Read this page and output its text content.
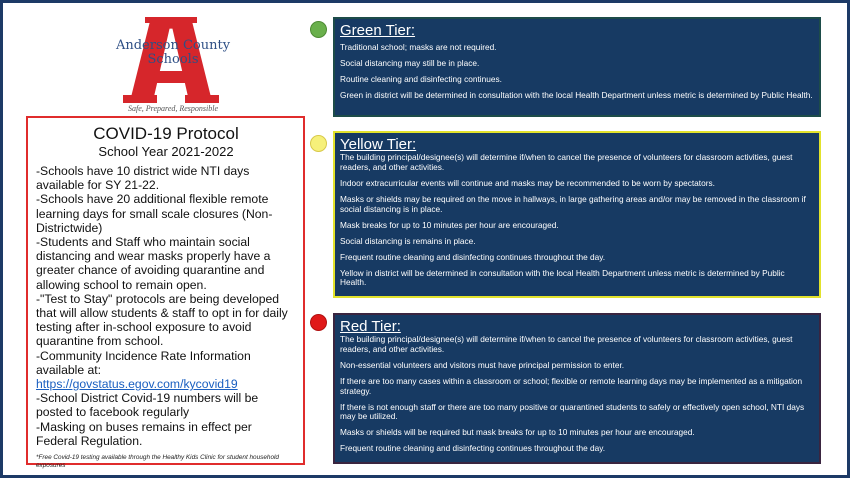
Anderson County
Schools
Safe, Prepared, Responsible
COVID-19 Protocol
School Year 2021-2022
-Schools have 10 district wide NTI days available for SY 21-22.
-Schools have 20 additional flexible remote learning days for small scale closures (Non-Districtwide)
-Students and Staff who maintain social distancing and wear masks properly have a greater chance of avoiding quarantine and allowing school to remain open.
-"Test to Stay" protocols are being developed that will allow students & staff to opt in for daily testing after in-school exposure to avoid quarantine from school.
-Community Incidence Rate Information available at: https://govstatus.egov.com/kycovid19
-School District Covid-19 numbers will be posted to facebook regularly
-Masking on buses remains in effect per Federal Regulation.
*Free Covid-19 testing available through the Healthy Kids Clinic for student household exposures
Green Tier:
Traditional school; masks are not required.
Social distancing may still be in place.
Routine cleaning and disinfecting continues.
Green in district will be determined in consultation with the local Health Department unless metric is determined by Public Health.
Yellow Tier:
The building principal/designee(s) will determine if/when to cancel the presence of volunteers for classroom activities, guest readers, and other activities.
Indoor extracurricular events will continue and masks may be recommended to be worn by spectators.
Masks or shields may be required on the move in hallways, in large gathering areas and/or may be removed in the classroom if social distancing is in place.
Mask breaks for up to 10 minutes per hour are encouraged.
Social distancing is remains in place.
Frequent routine cleaning and disinfecting continues throughout the day.
Yellow in district will be determined in consultation with the local Health Department unless metric is determined by Public Health.
Red Tier:
The building principal/designee(s) will determine if/when to cancel the presence of volunteers for classroom activities, guest readers, and other activities.
Non-essential volunteers and visitors must have principal permission to enter.
If there are too many cases within a classroom or school; flexible or remote learning days may be implemented as a mitigation strategy.
If there is not enough staff or there are too many positive or quarantined students to safely or effectively open school, NTI days may be utilized.
Masks or shields will be required but mask breaks for up to 10 minutes per hour are encouraged.
Frequent routine cleaning and disinfecting continues throughout the day.
